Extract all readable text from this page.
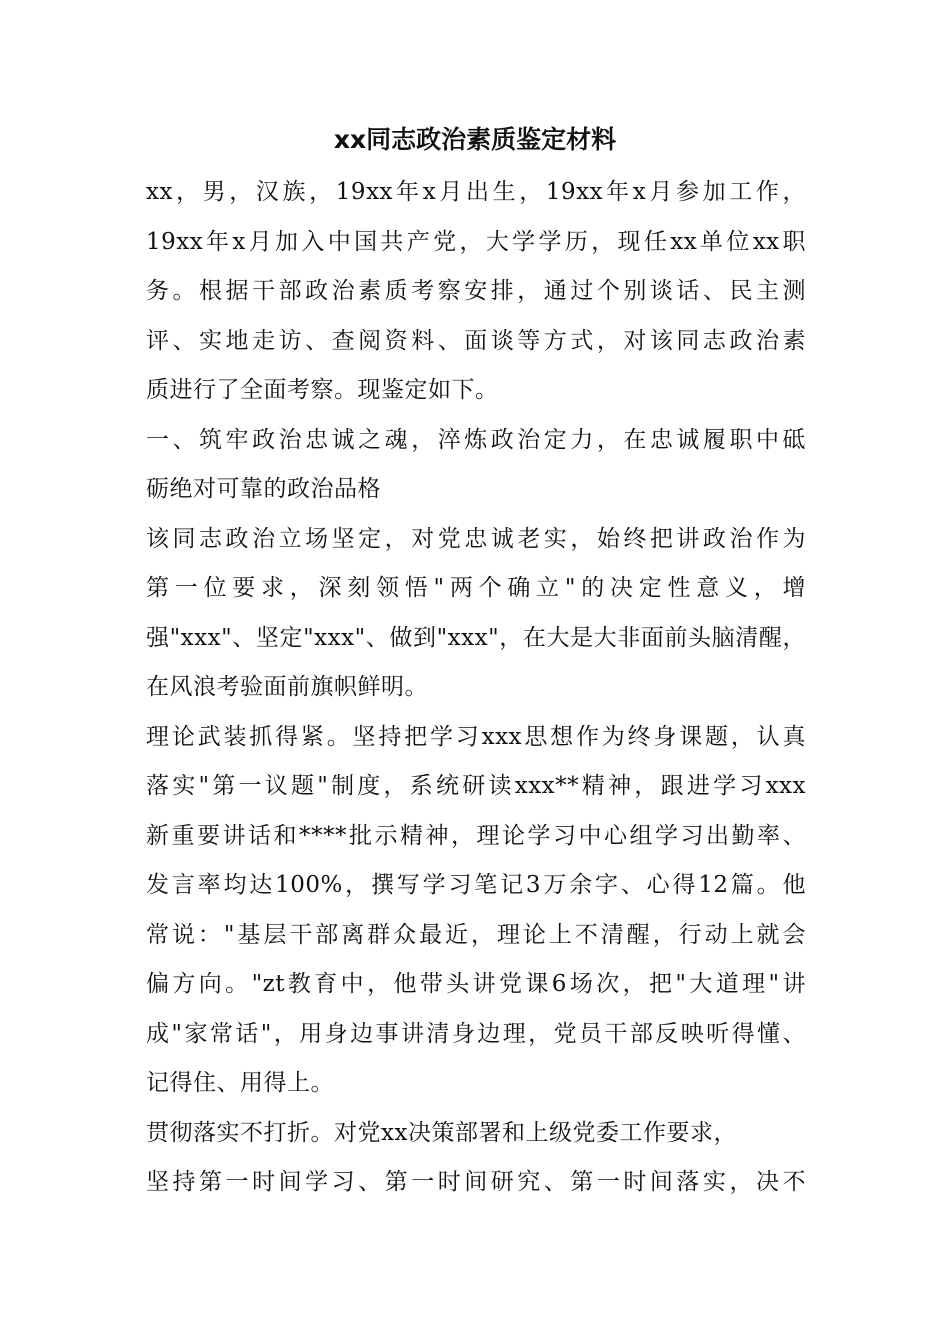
xx同志政治素质鉴定材料
xx，男，汉族，19xx年x月出生，19xx年x月参加工作，
19xx年x月加入中国共产党，大学学历，现任xx单位xx职
务。根据干部政治素质考察安排，通过个别谈话、民主测
评、实地走访、查阅资料、面谈等方式，对该同志政治素
质进行了全面考察。现鉴定如下。
一、筑牢政治忠诚之魂，淬炼政治定力，在忠诚履职中砥
砺绝对可靠的政治品格
该同志政治立场坚定，对党忠诚老实，始终把讲政治作为
第一位要求，深刻领悟"两个确立"的决定性意义，增
强"xxx"、坚定"xxx"、做到"xxx"，在大是大非面前头脑清醒，
在风浪考验面前旗帜鲜明。
理论武装抓得紧。坚持把学习xxx思想作为终身课题，认真
落实"第一议题"制度，系统研读xxx**精神，跟进学习xxx
新重要讲话和****批示精神，理论学习中心组学习出勤率、
发言率均达100%，撰写学习笔记3万余字、心得12篇。他
常说："基层干部离群众最近，理论上不清醒，行动上就会
偏方向。"zt教育中，他带头讲党课6场次，把"大道理"讲
成"家常话"，用身边事讲清身边理，党员干部反映听得懂、
记得住、用得上。
贯彻落实不打折。对党xx决策部署和上级党委工作要求，
坚持第一时间学习、第一时间研究、第一时间落实，决不
